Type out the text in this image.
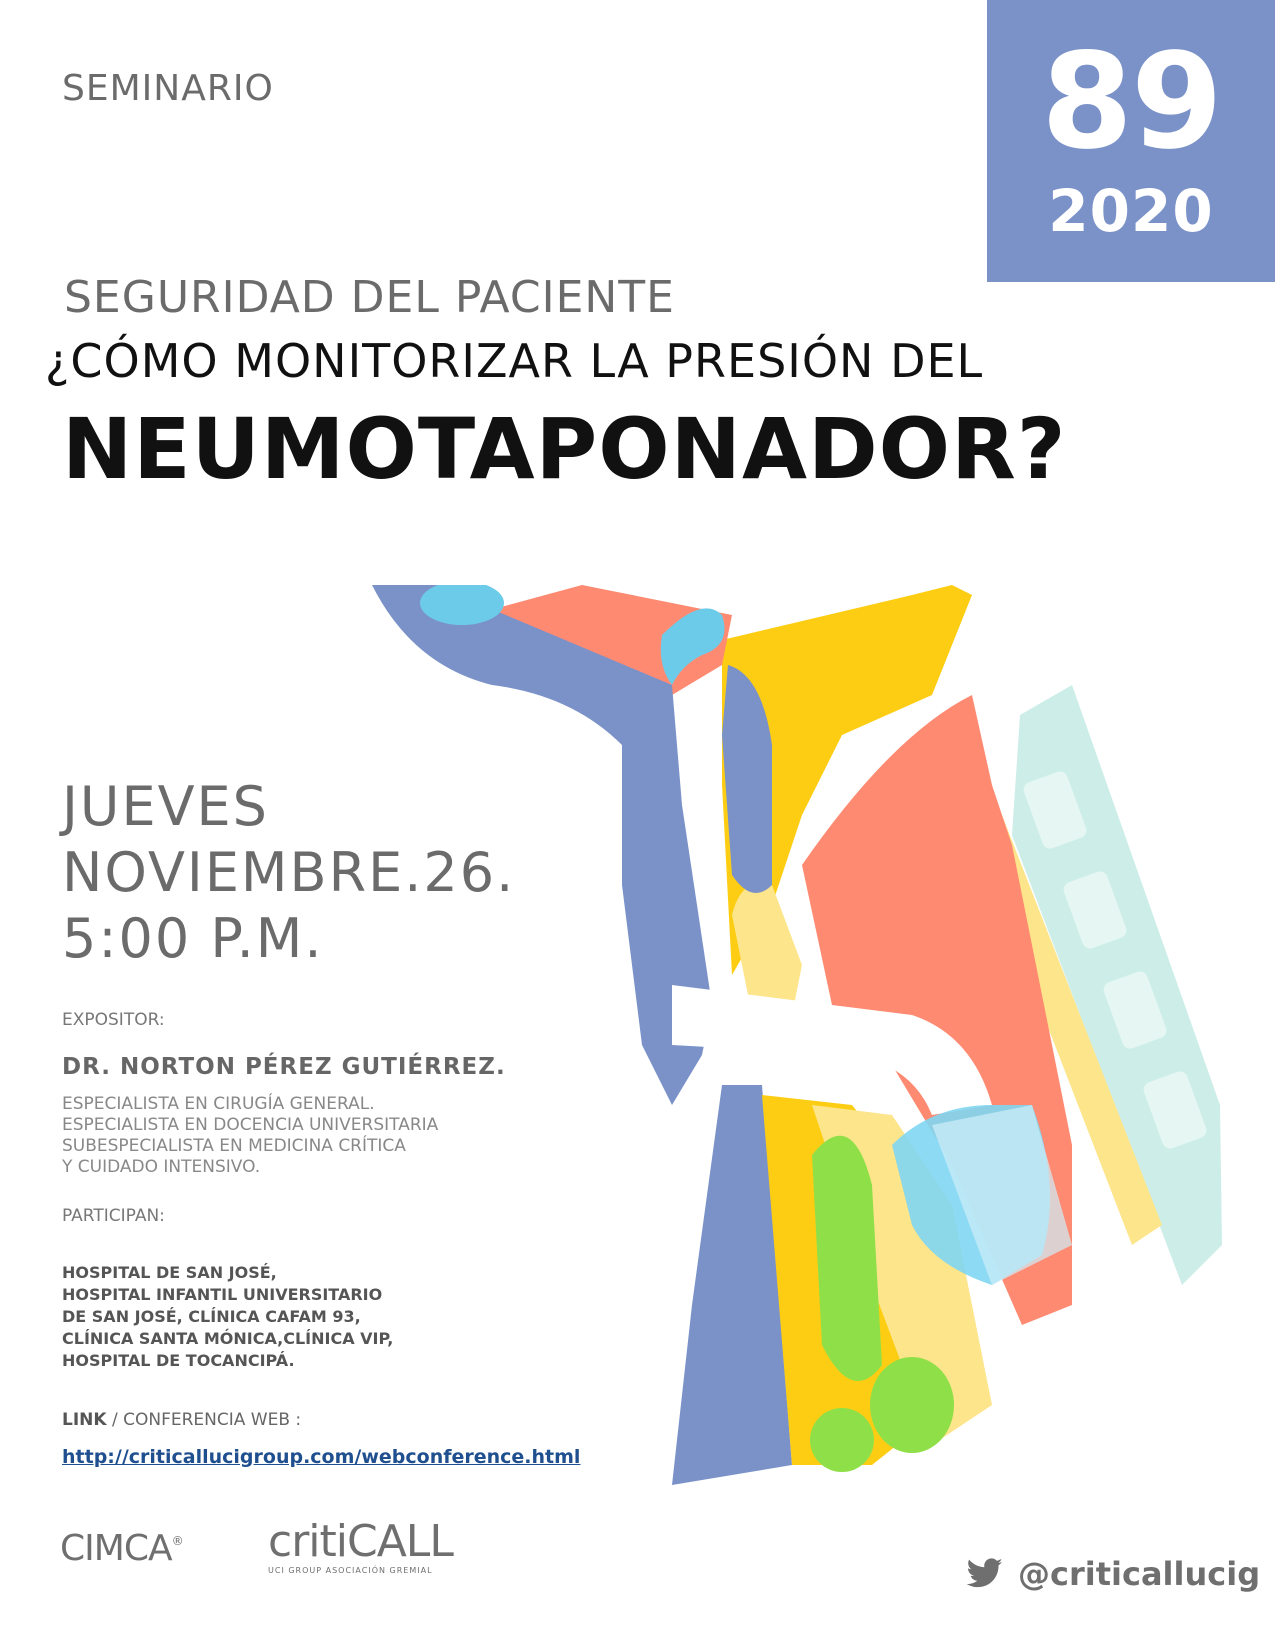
SEMINARIO	89
2020
SEGURIDAD DEL PACIENTE
¿CÓMO MONITORIZAR LA PRESIÓN DEL
NEUMOTAPONADOR?
JUEVES
NOVIEMBRE.26.
5:00 P.M.
EXPOSITOR:
DR. NORTON PÉREZ GUTIÉRREZ.
ESPECIALISTA EN CIRUGÍA GENERAL.
ESPECIALISTA EN DOCENCIA UNIVERSITARIA
SUBESPECIALISTA EN MEDICINA CRÍTICA
Y CUIDADO INTENSIVO.
PARTICIPAN:
HOSPITAL DE SAN JOSÉ,
HOSPITAL INFANTIL UNIVERSITARIO
DE SAN JOSÉ, CLÍNICA CAFAM 93,
CLÍNICA SANTA MÓNICA,CLÍNICA VIP,
HOSPITAL DE TOCANCIPÁ.
LINK / CONFERENCIA WEB :
http://criticallucigroup.com/webconference.html
CIMCA ® critiCALL
UCI GROUP ASOCIACIÓN GREMIAL	@criticallucig
